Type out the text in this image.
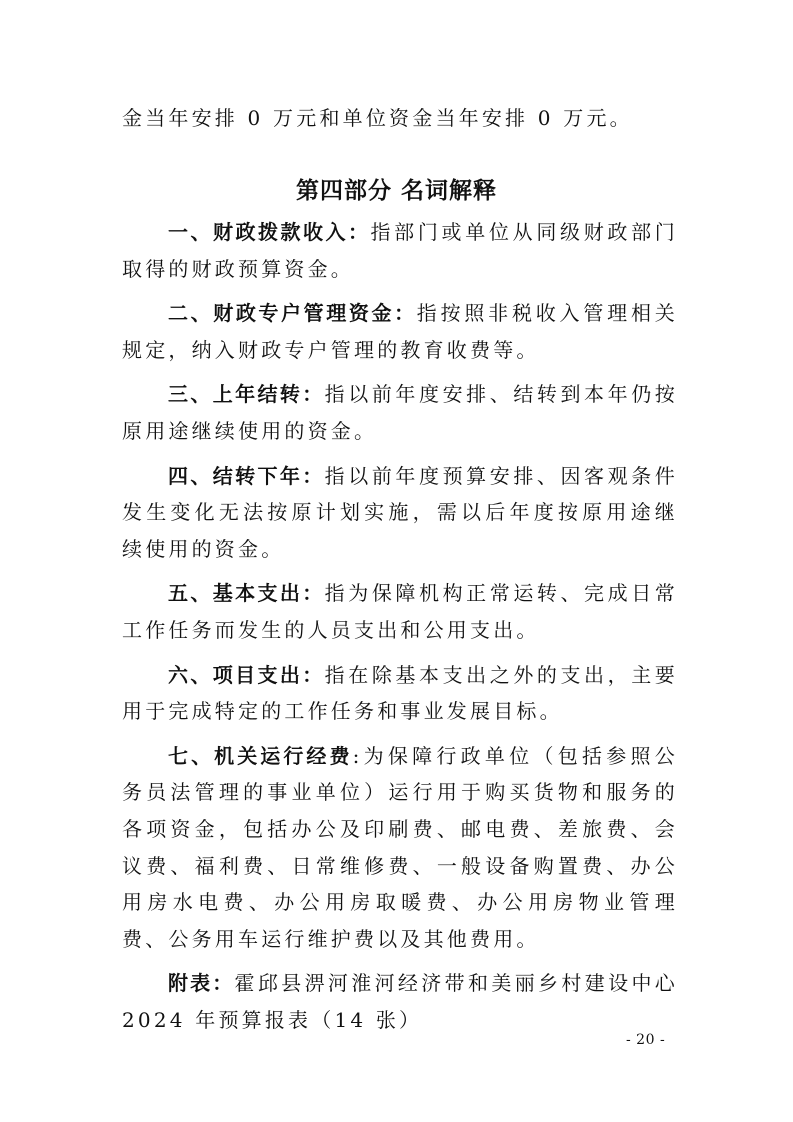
金当年安排 0 万元和单位资金当年安排 0 万元。

第四部分 名词解释

一、财政拨款收入：指部门或单位从同级财政部门取得的财政预算资金。

二、财政专户管理资金：指按照非税收入管理相关规定，纳入财政专户管理的教育收费等。

三、上年结转：指以前年度安排、结转到本年仍按原用途继续使用的资金。

四、结转下年：指以前年度预算安排、因客观条件发生变化无法按原计划实施，需以后年度按原用途继续使用的资金。

五、基本支出：指为保障机构正常运转、完成日常工作任务而发生的人员支出和公用支出。

六、项目支出：指在除基本支出之外的支出，主要用于完成特定的工作任务和事业发展目标。

七、机关运行经费:为保障行政单位（包括参照公务员法管理的事业单位）运行用于购买货物和服务的各项资金，包括办公及印刷费、邮电费、差旅费、会议费、福利费、日常维修费、一般设备购置费、办公用房水电费、办公用房取暖费、办公用房物业管理费、公务用车运行维护费以及其他费用。

附表：霍邱县淠河淮河经济带和美丽乡村建设中心 2024 年预算报表（14 张）

- 20 -
